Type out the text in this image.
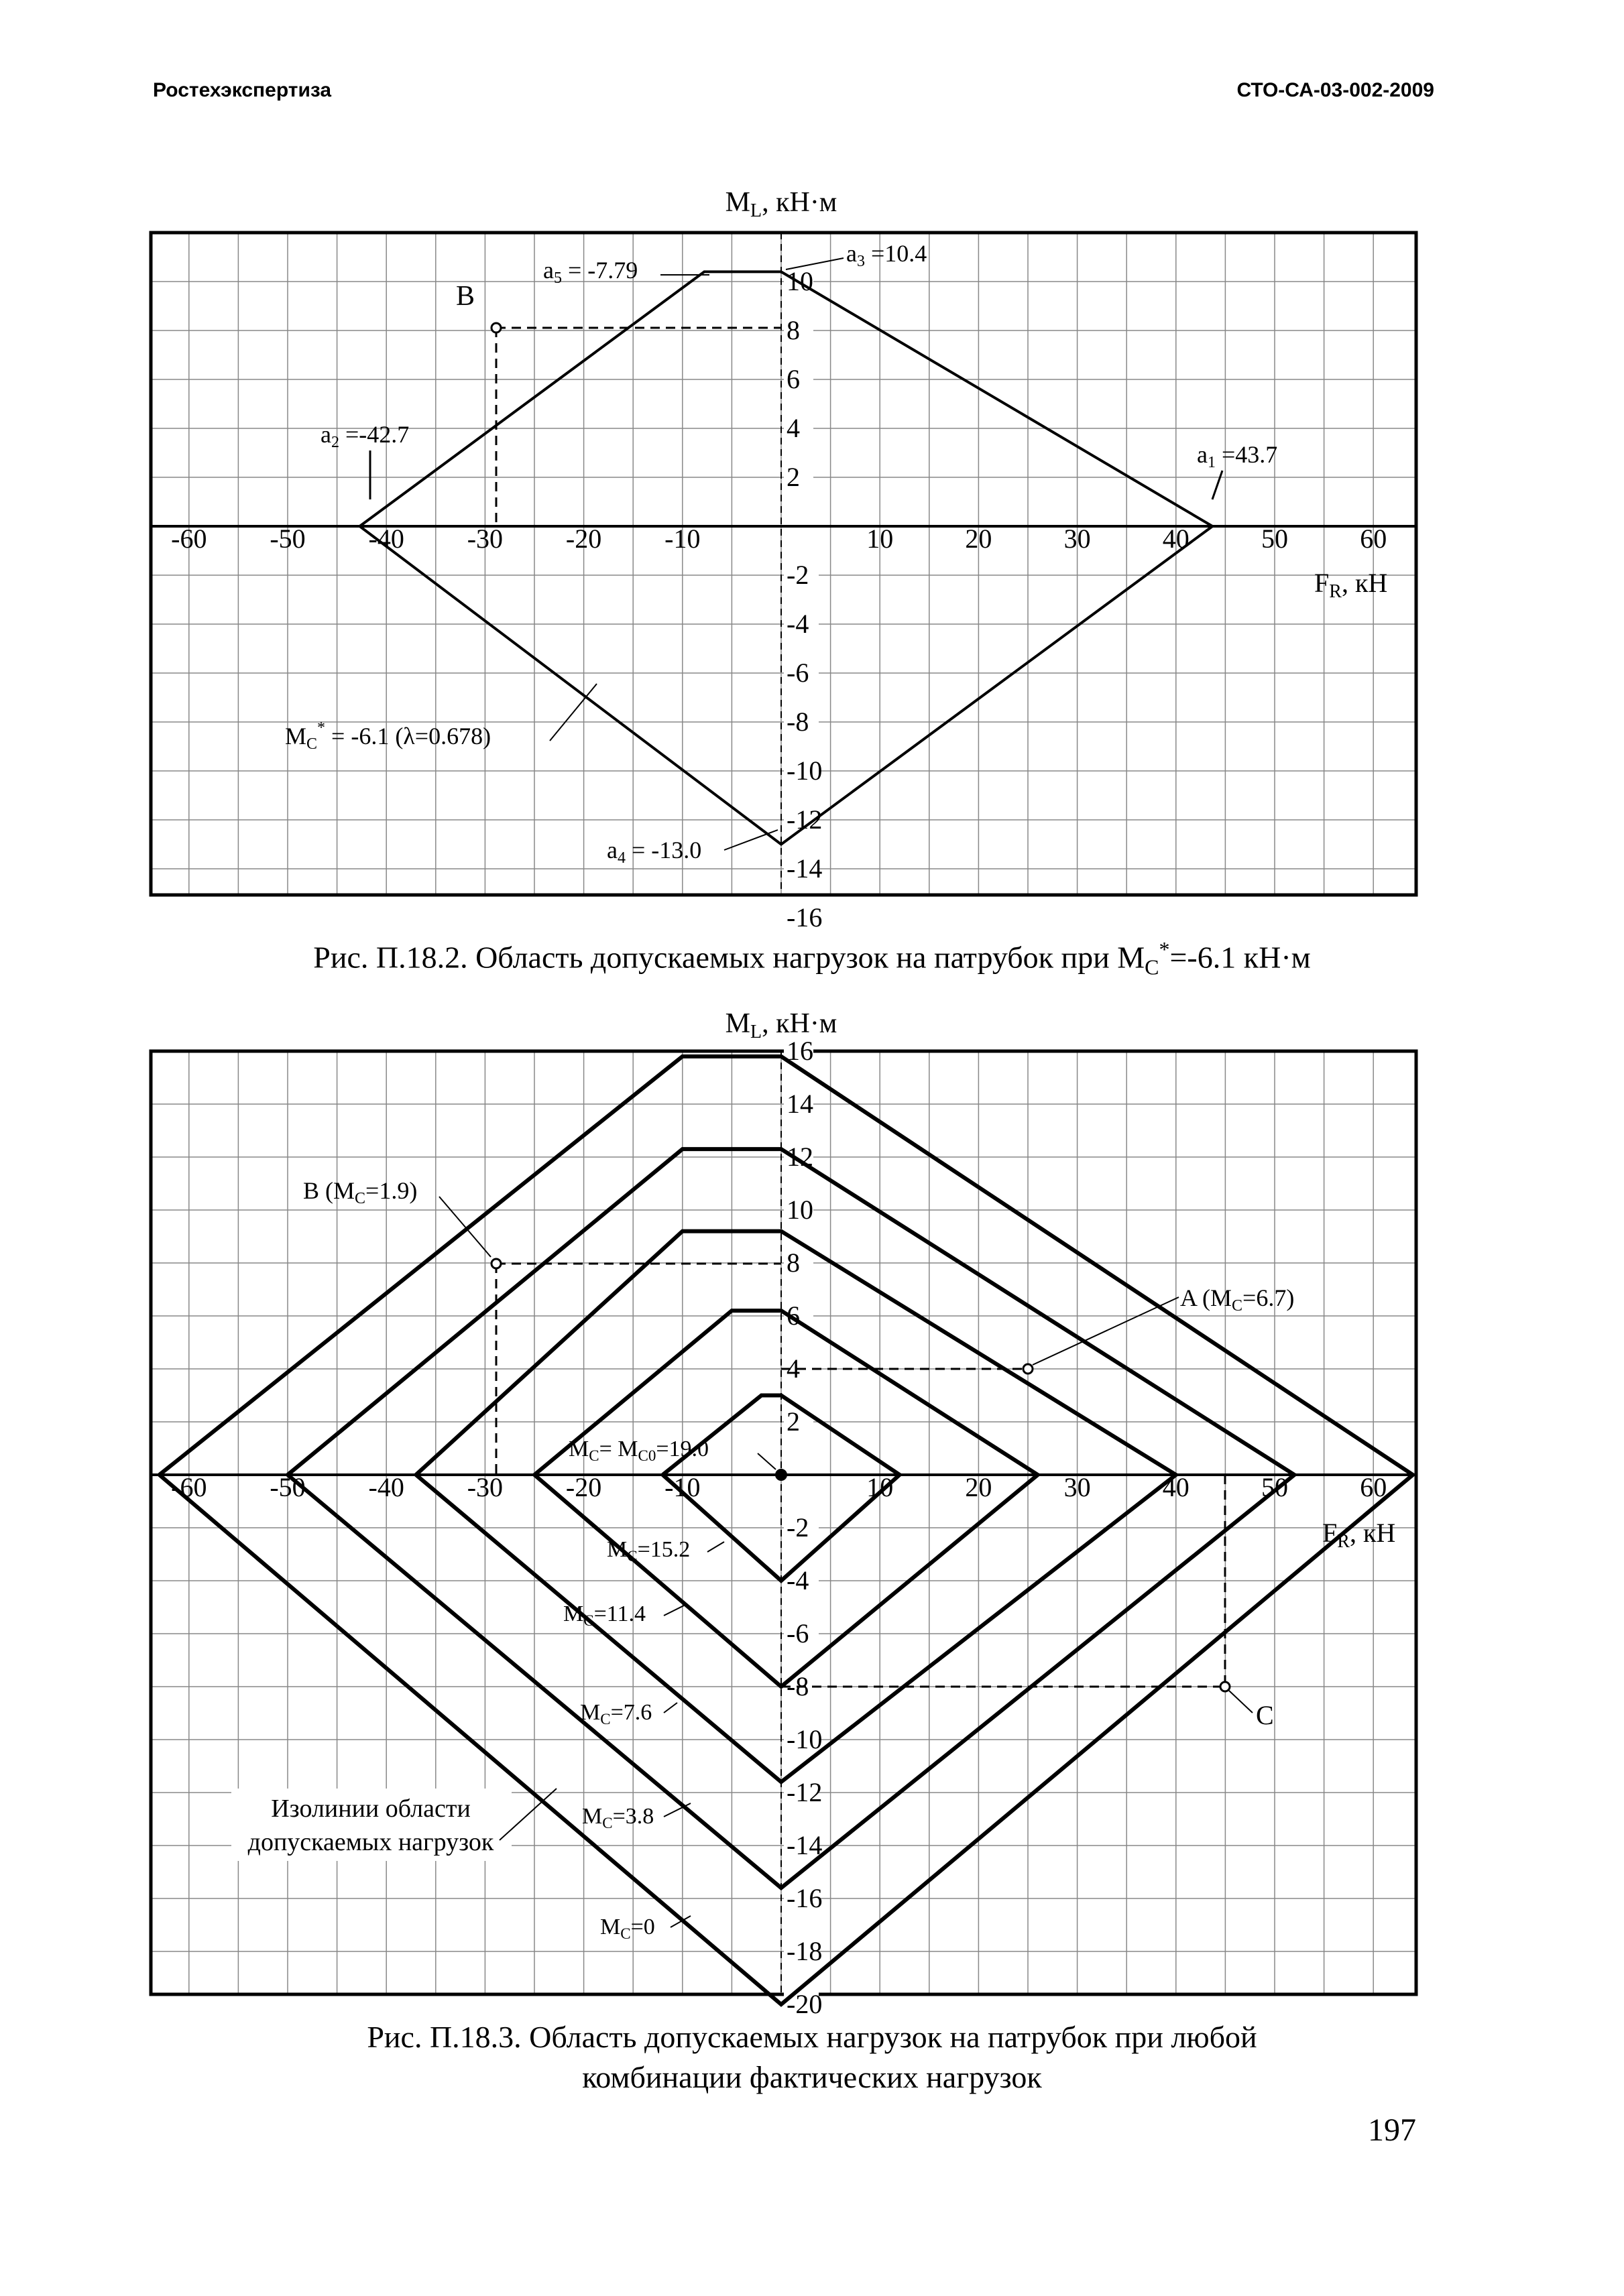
Ростехэкспертиза	СТО-СА-03-002-2009
ML, кН·м
$F_R$, кН
-60 -50 -40 -30 -20 -10	10	20	30	40	50	60
10
8
6
4
2
-2
-4
-6
-8
-10
-12
-14
-16
B
a5 = -7.79
a3 =10.4
a2 =-42.7
a1 =43.7
a4 = -13.0
MC* = -6.1 (λ=0.678)
ML, кН·м
$F_R$, кН
-60 -50 -40 -30 -20 -10	10	20	30	40	50	60
16
14
12
10
8
6
4
2
-2
-4
-6
-8
-10
-12
-14
-16
-18
-20
B (MC=1.9)
A (MC=6.7)
C
$M_C= M_{C0}=19.0$
$M_C=15.2$
$M_C=11.4$
$M_C=7.6$
$M_C=3.8$
$M_C=0$
Изолинии области
допускаемых нагрузок
Рис. П.18.2. Область допускаемых нагрузок на патрубок при $M_C^*=-6.1$ кН·м
Рис. П.18.3. Область допускаемых нагрузок на патрубок при любой
комбинации фактических нагрузок
197
